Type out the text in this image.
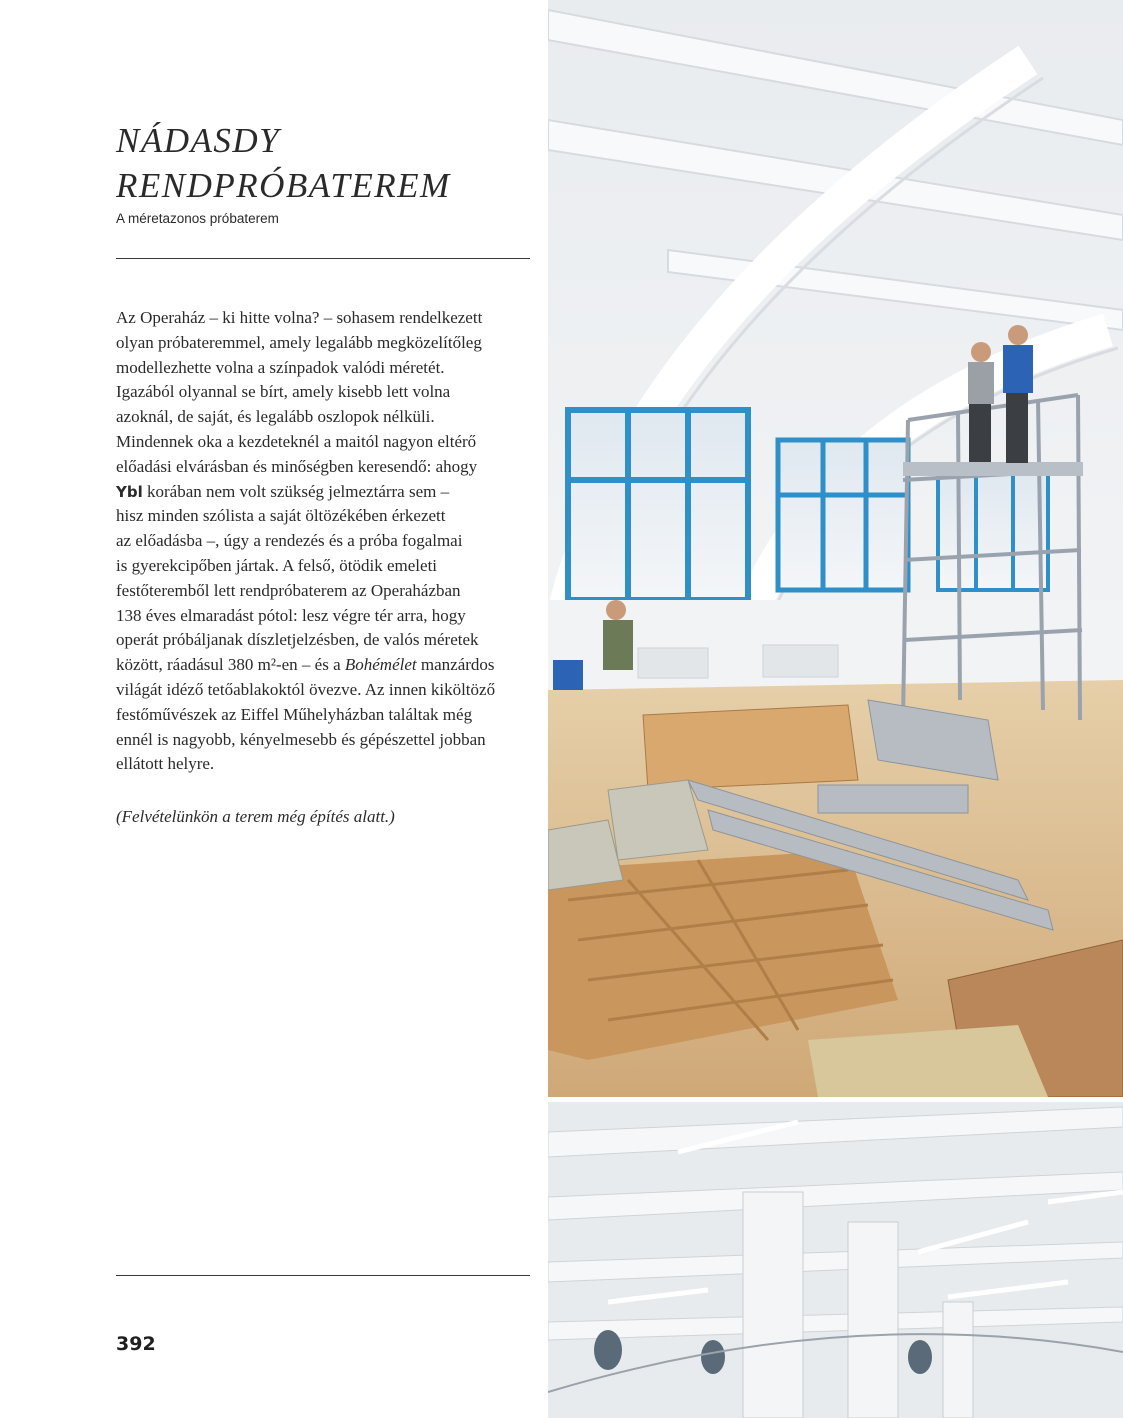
NÁDASDY
RENDPRÓBATEREM
A méretazonos próbaterem
Az Operaház – ki hitte volna? – sohasem rendelkezett
olyan próbateremmel, amely legalább megközelítőleg
modellezhette volna a színpadok valódi méretét.
Igazából olyannal se bírt, amely kisebb lett volna
azoknál, de saját, és legalább oszlopok nélküli.
Mindennek oka a kezdeteknél a maitól nagyon eltérő
előadási elvárásban és minőségben keresendő: ahogy
Ybl korában nem volt szükség jelmeztárra sem –
hisz minden szólista a saját öltözékében érkezett
az előadásba –, úgy a rendezés és a próba fogalmai
is gyerekcipőben jártak. A felső, ötödik emeleti
festőteremből lett rendpróbaterem az Operaházban
138 éves elmaradást pótol: lesz végre tér arra, hogy
operát próbáljanak díszletjelzésben, de valós méretek
között, ráadásul 380 m²-en – és a Bohémélet manzárdos
világát idéző tetőablakoktól övezve. Az innen kiköltöző
festőművészek az Eiffel Műhelyházban találtak még
ennél is nagyobb, kényelmesebb és gépészettel jobban
ellátott helyre.
(Felvételünkön a terem még építés alatt.)
392
